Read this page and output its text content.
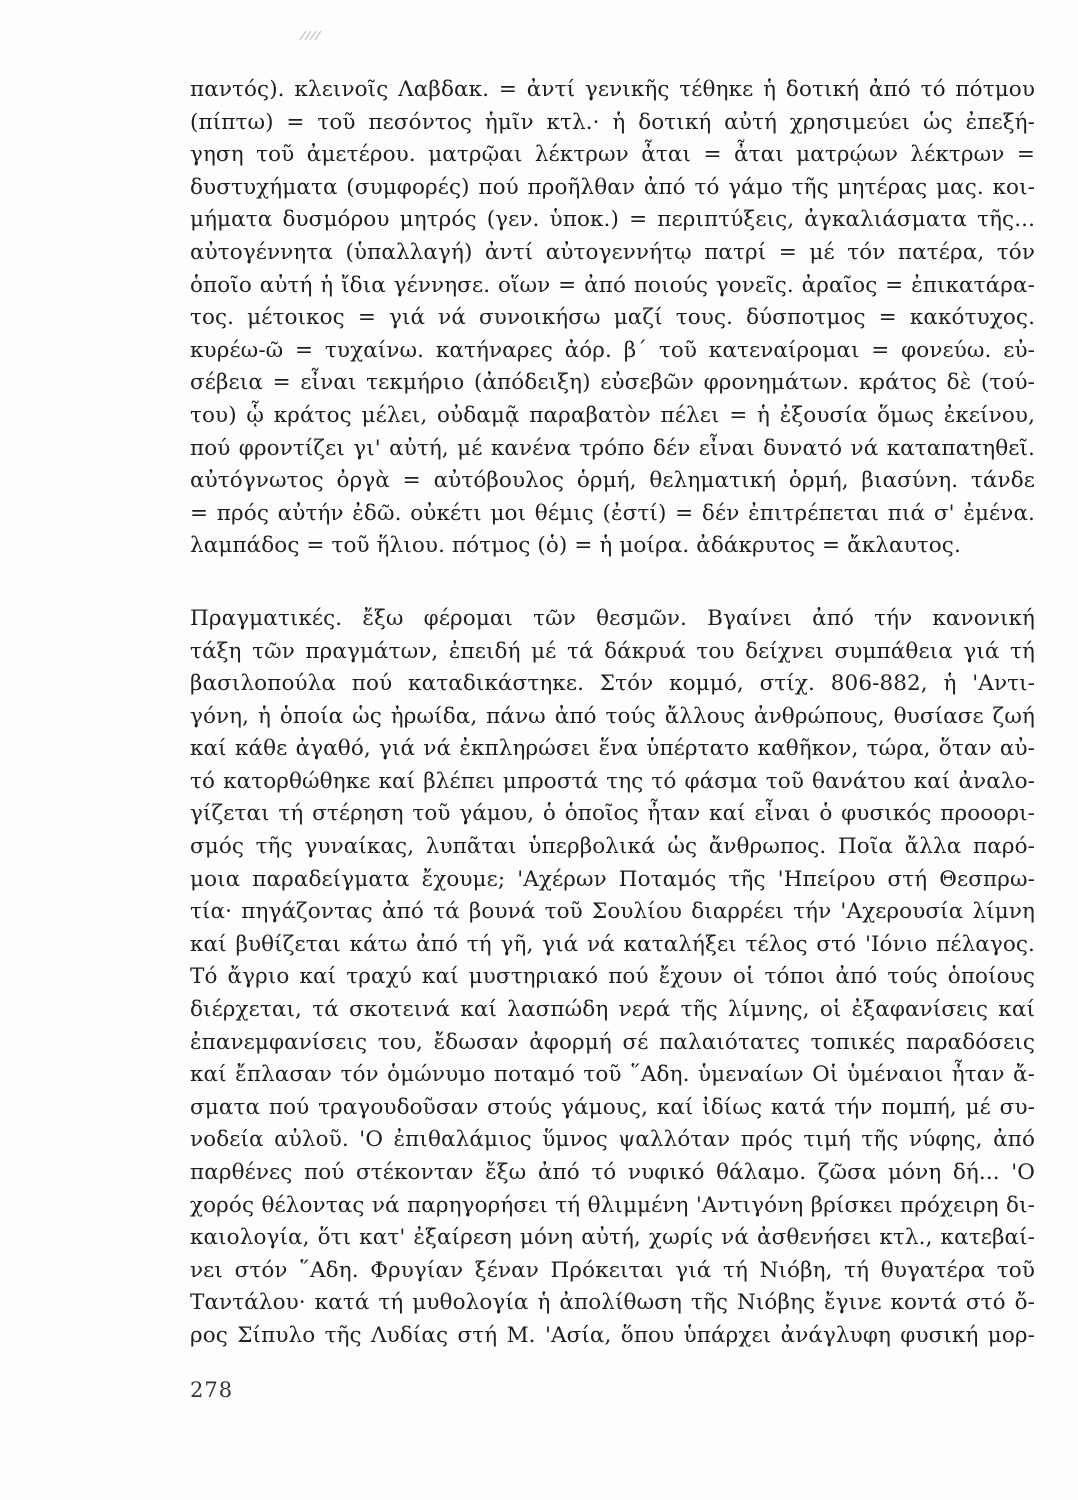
παντός). κλεινοῖς Λαβδακ. = ἀντί γενικῆς τέθηκε ἡ δοτική ἀπό τό πότμου
(πίπτω) = τοῦ πεσόντος ἡμῖν κτλ.· ἡ δοτική αὐτή χρησιμεύει ὡς ἐπεξή-
γηση τοῦ ἀμετέρου. ματρῷαι λέκτρων ἆται = ἆται ματρῴων λέκτρων =
δυστυχήματα (συμφορές) πού προῆλθαν ἀπό τό γάμο τῆς μητέρας μας. κοι-
μήματα δυσμόρου μητρός (γεν. ὑποκ.) = περιπτύξεις, ἀγκαλιάσματα τῆς...
αὐτογέννητα (ὑπαλλαγή) ἀντί αὐτογεννήτῳ πατρί = μέ τόν πατέρα, τόν
ὁποῖο αὐτή ἡ ἴδια γέννησε. οἵων = ἀπό ποιούς γονεῖς. ἀραῖος = ἐπικατάρα-
τος. μέτοικος = γιά νά συνοικήσω μαζί τους. δύσποτμος = κακότυχος.
κυρέω-ῶ = τυχαίνω. κατήναρες ἀόρ. β΄ τοῦ κατεναίρομαι = φονεύω. εὐ-
σέβεια = εἶναι τεκμήριο (ἀπόδειξη) εὐσεβῶν φρονημάτων. κράτος δὲ (τού-
του) ᾧ κράτος μέλει, οὐδαμᾷ παραβατὸν πέλει = ἡ ἐξουσία ὅμως ἐκείνου,
πού φροντίζει γι' αὐτή, μέ κανένα τρόπο δέν εἶναι δυνατό νά καταπατηθεῖ.
αὐτόγνωτος ὀργὰ = αὐτόβουλος ὁρμή, θεληματική ὁρμή, βιασύνη. τάνδε
= πρός αὐτήν ἐδῶ. οὐκέτι μοι θέμις (ἐστί) = δέν ἐπιτρέπεται πιά σ' ἐμένα.
λαμπάδος = τοῦ ἥλιου. πότμος (ὁ) = ἡ μοίρα. ἀδάκρυτος = ἄκλαυτος.
Πραγματικές. ἔξω φέρομαι τῶν θεσμῶν. Βγαίνει ἀπό τήν κανονική
τάξη τῶν πραγμάτων, ἐπειδή μέ τά δάκρυά του δείχνει συμπάθεια γιά τή
βασιλοπούλα πού καταδικάστηκε. Στόν κομμό, στίχ. 806-882, ἡ 'Αντι-
γόνη, ἡ ὁποία ὡς ἠρωίδα, πάνω ἀπό τούς ἄλλους ἀνθρώπους, θυσίασε ζωή
καί κάθε ἀγαθό, γιά νά ἐκπληρώσει ἕνα ὑπέρτατο καθῆκον, τώρα, ὅταν αὐ-
τό κατορθώθηκε καί βλέπει μπροστά της τό φάσμα τοῦ θανάτου καί ἀναλο-
γίζεται τή στέρηση τοῦ γάμου, ὁ ὁποῖος ἦταν καί εἶναι ὁ φυσικός προοορι-
σμός τῆς γυναίκας, λυπᾶται ὑπερβολικά ὡς ἄνθρωπος. Ποῖα ἄλλα παρό-
μοια παραδείγματα ἔχουμε; 'Αχέρων Ποταμός τῆς 'Ηπείρου στή Θεσπρω-
τία· πηγάζοντας ἀπό τά βουνά τοῦ Σουλίου διαρρέει τήν 'Αχερουσία λίμνη
καί βυθίζεται κάτω ἀπό τή γῆ, γιά νά καταλήξει τέλος στό 'Ιόνιο πέλαγος.
Τό ἄγριο καί τραχύ καί μυστηριακό πού ἔχουν οἱ τόποι ἀπό τούς ὁποίους
διέρχεται, τά σκοτεινά καί λασπώδη νερά τῆς λίμνης, οἱ ἐξαφανίσεις καί
ἐπανεμφανίσεις του, ἔδωσαν ἀφορμή σέ παλαιότατες τοπικές παραδόσεις
καί ἔπλασαν τόν ὁμώνυμο ποταμό τοῦ ῞Αδη. ὑμεναίων Οἱ ὑμέναιοι ἦταν ἄ-
σματα πού τραγουδοῦσαν στούς γάμους, καί ἰδίως κατά τήν πομπή, μέ συ-
νοδεία αὐλοῦ. 'Ο ἐπιθαλάμιος ὕμνος ψαλλόταν πρός τιμή τῆς νύφης, ἀπό
παρθένες πού στέκονταν ἔξω ἀπό τό νυφικό θάλαμο. ζῶσα μόνη δή... 'Ο
χορός θέλοντας νά παρηγορήσει τή θλιμμένη 'Αντιγόνη βρίσκει πρόχειρη δι-
καιολογία, ὅτι κατ' ἐξαίρεση μόνη αὐτή, χωρίς νά ἀσθενήσει κτλ., κατεβαί-
νει στόν ῞Αδη. Φρυγίαν ξέναν Πρόκειται γιά τή Νιόβη, τή θυγατέρα τοῦ
Ταντάλου· κατά τή μυθολογία ἡ ἀπολίθωση τῆς Νιόβης ἔγινε κοντά στό ὄ-
ρος Σίπυλο τῆς Λυδίας στή Μ. 'Ασία, ὅπου ὑπάρχει ἀνάγλυφη φυσική μορ-
278
